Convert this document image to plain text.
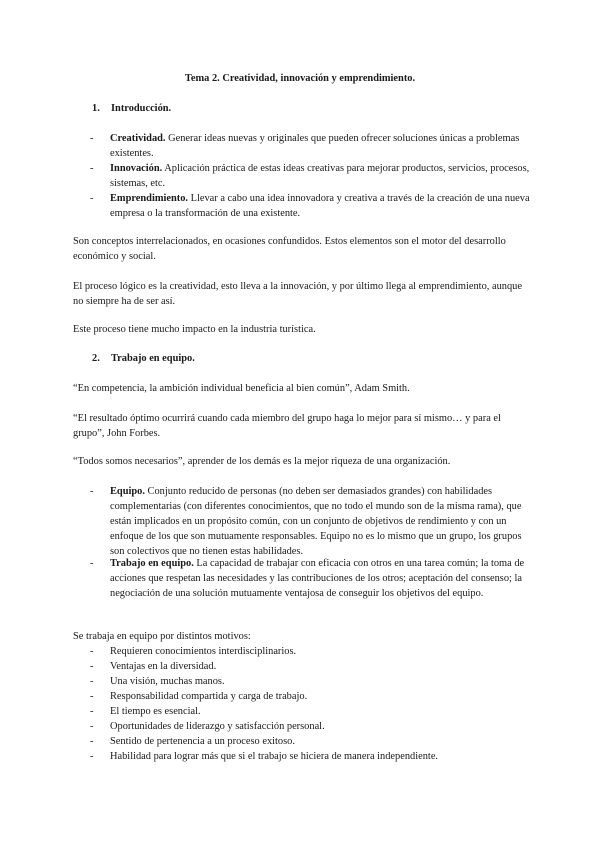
Tema 2. Creatividad, innovación y emprendimiento.
1. Introducción.
- Creatividad. Generar ideas nuevas y originales que pueden ofrecer soluciones únicas a problemas existentes.
- Innovación. Aplicación práctica de estas ideas creativas para mejorar productos, servicios, procesos, sistemas, etc.
- Emprendimiento. Llevar a cabo una idea innovadora y creativa a través de la creación de una nueva empresa o la transformación de una existente.

Son conceptos interrelacionados, en ocasiones confundidos. Estos elementos son el motor del desarrollo económico y social.

El proceso lógico es la creatividad, esto lleva a la innovación, y por último llega al emprendimiento, aunque no siempre ha de ser así.

Este proceso tiene mucho impacto en la industria turística.

2. Trabajo en equipo.

“En competencia, la ambición individual beneficia al bien común”, Adam Smith.

“El resultado óptimo ocurrirá cuando cada miembro del grupo haga lo mejor para sí mismo… y para el grupo”, John Forbes.

“Todos somos necesarios”, aprender de los demás es la mejor riqueza de una organización.

- Equipo. Conjunto reducido de personas (no deben ser demasiados grandes) con habilidades complementarias (con diferentes conocimientos, que no todo el mundo son de la misma rama), que están implicados en un propósito común, con un conjunto de objetivos de rendimiento y con un enfoque de los que son mutuamente responsables. Equipo no es lo mismo que un grupo, los grupos son colectivos que no tienen estas habilidades.
- Trabajo en equipo. La capacidad de trabajar con eficacia con otros en una tarea común; la toma de acciones que respetan las necesidades y las contribuciones de los otros; aceptación del consenso; la negociación de una solución mutuamente ventajosa de conseguir los objetivos del equipo.

Se trabaja en equipo por distintos motivos:

- Requieren conocimientos interdisciplinarios.
- Ventajas en la diversidad.
- Una visión, muchas manos.
- Responsabilidad compartida y carga de trabajo.
- El tiempo es esencial.
- Oportunidades de liderazgo y satisfacción personal.
- Sentido de pertenencia a un proceso exitoso.
- Habilidad para lograr más que si el trabajo se hiciera de manera independiente.
